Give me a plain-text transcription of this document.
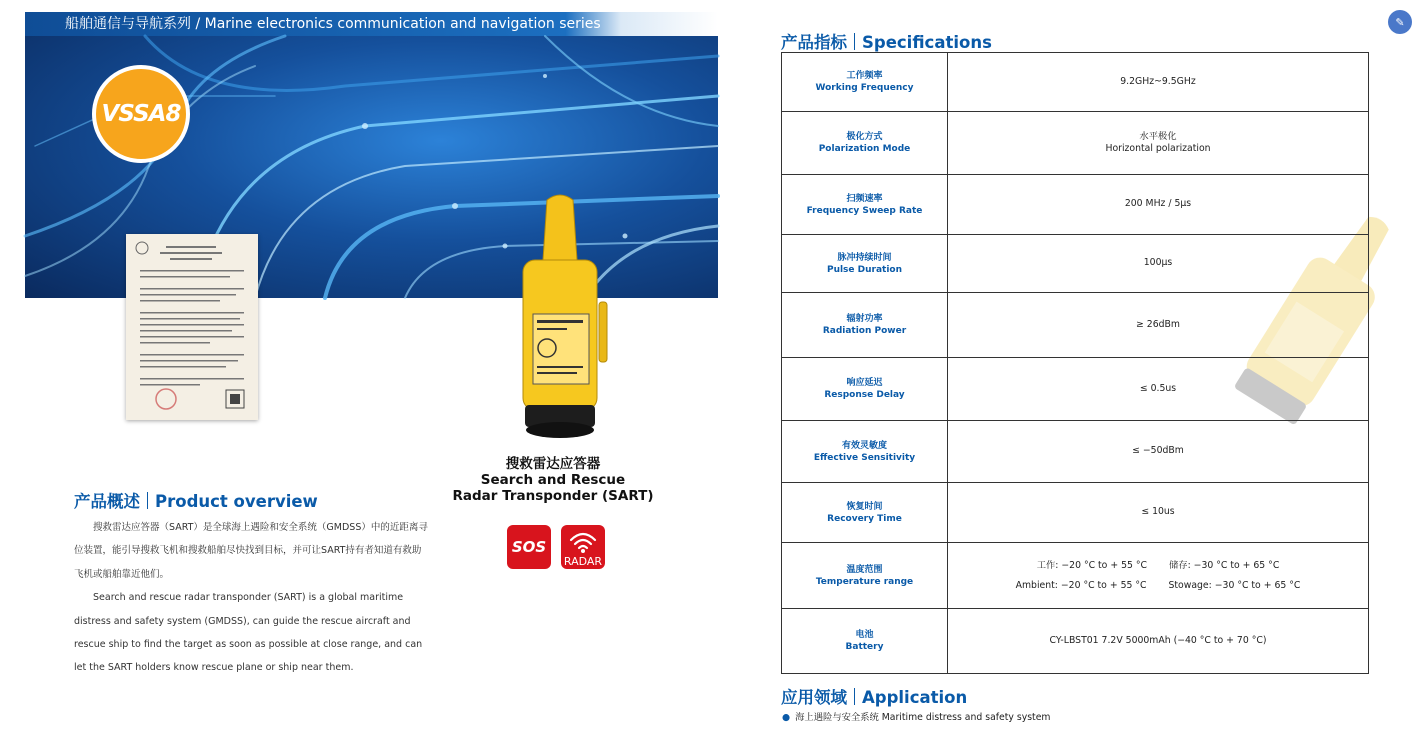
船舶通信与导航系列 / Marine electronics communication and navigation series
VSSA8
搜救雷达应答器
Search and Rescue
Radar Transponder (SART)
SOS
RADAR
产品概述 Product overview

搜救雷达应答器（SART）是全球海上遇险和安全系统（GMDSS）中的近距离寻位装置，能引导搜救飞机和搜救船舶尽快找到目标，并可让SART持有者知道有救助飞机或船舶靠近他们。

Search and rescue radar transponder (SART) is a global maritime distress and safety system (GMDSS), can guide the rescue aircraft and rescue ship to find the target as soon as possible at close range, and can let the SART holders know rescue plane or ship near them.

产品指标 Specifications
工作频率
Working Frequency
9.2GHz~9.5GHz
极化方式
Polarization Mode
水平极化
Horizontal polarization
扫频速率
Frequency Sweep Rate
200 MHz / 5μs
脉冲持续时间
Pulse Duration
100μs
辐射功率
Radiation Power
≥ 26dBm
响应延迟
Response Delay
≤ 0.5us
有效灵敏度
Effective Sensitivity
≤ −50dBm
恢复时间
Recovery Time
≤ 10us
温度范围
Temperature range
工作: −20 °C to + 55 °C 储存: −30 °C to + 65 °C
Ambient: −20 °C to + 55 °C Stowage: −30 °C to + 65 °C
电池
Battery
CY-LBST01 7.2V 5000mAh (−40 °C to + 70 °C)
应用领域 Application
● 海上遇险与安全系统 Maritime distress and safety system
✎
